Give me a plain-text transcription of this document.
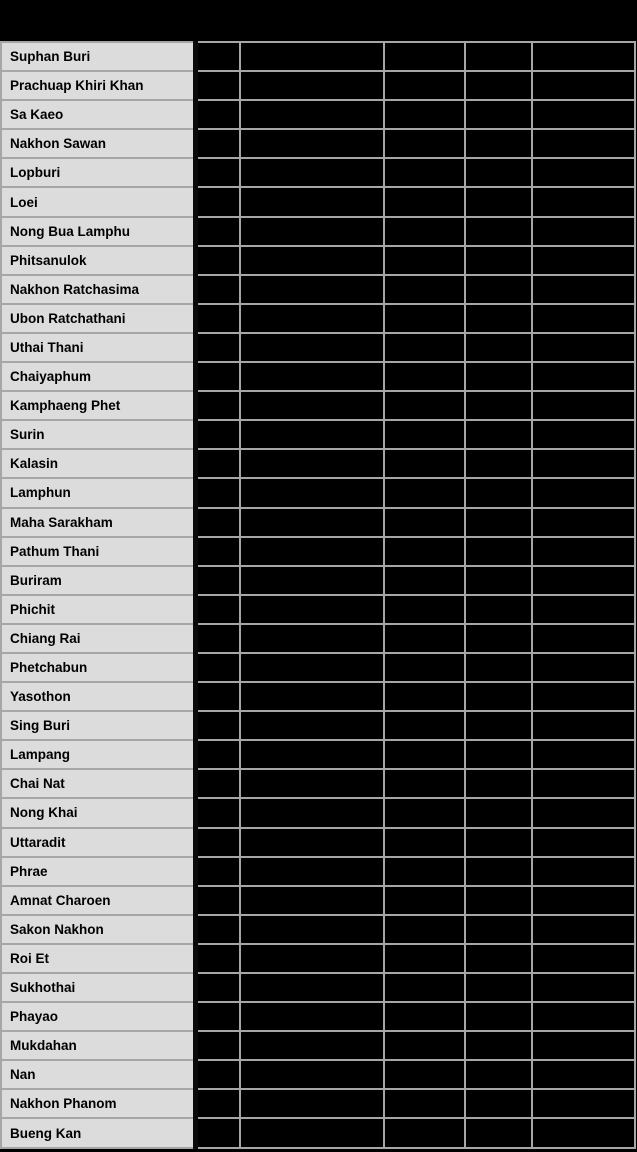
Suphan Buri					
Prachuap Khiri Khan					
Sa Kaeo					
Nakhon Sawan					
Lopburi					
Loei					
Nong Bua Lamphu					
Phitsanulok					
Nakhon Ratchasima					
Ubon Ratchathani					
Uthai Thani					
Chaiyaphum					
Kamphaeng Phet					
Surin					
Kalasin					
Lamphun					
Maha Sarakham					
Pathum Thani					
Buriram					
Phichit					
Chiang Rai					
Phetchabun					
Yasothon					
Sing Buri					
Lampang					
Chai Nat					
Nong Khai					
Uttaradit					
Phrae					
Amnat Charoen					
Sakon Nakhon					
Roi Et					
Sukhothai					
Phayao					
Mukdahan					
Nan					
Nakhon Phanom					
Bueng Kan					
